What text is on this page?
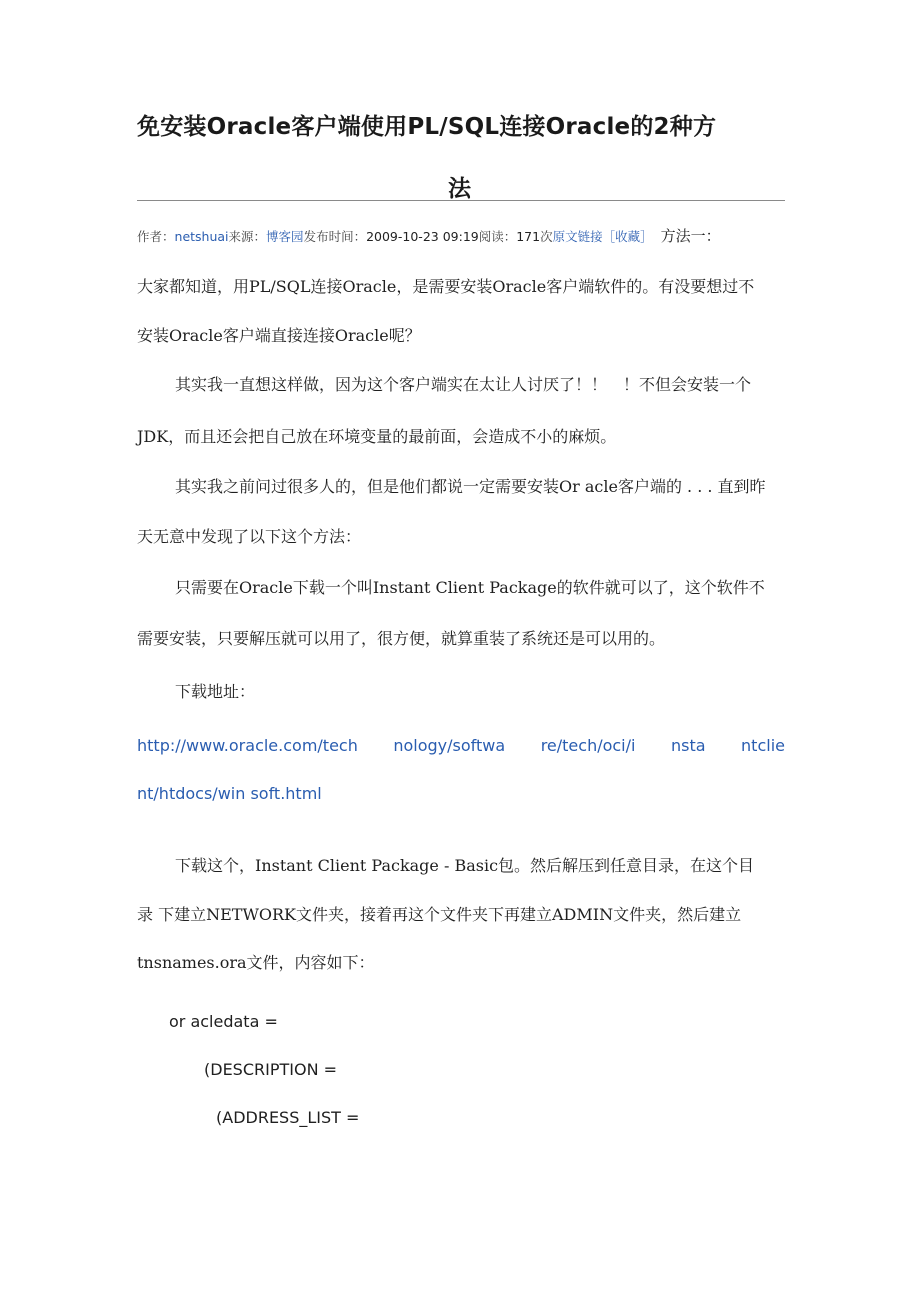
免安装Oracle客户端使用PL/SQL连接Oracle的2种方
法
作者：netshuai来源：博客园发布时间：2009-10-23 09:19阅读：171次原文链接［收藏］ 方法一：
大家都知道，用PL/SQL连接Oracle，是需要安装Oracle客户端软件的。有没要想过不
安装Oracle客户端直接连接Oracle呢？
其实我一直想这样做，因为这个客户端实在太让人讨厌了！！　！不但会安装一个
JDK，而且还会把自己放在环境变量的最前面，会造成不小的麻烦。
其实我之前问过很多人的，但是他们都说一定需要安装Or acle客户端的 . . . 直到昨
天无意中发现了以下这个方法：
只需要在Oracle下载一个叫Instant Client Package的软件就可以了，这个软件不
需要安装，只要解压就可以用了，很方便，就算重装了系统还是可以用的。
下载地址：
http://www.oracle.com/tech nology/softwa re/tech/oci/i nsta ntclie
nt/htdocs/win soft.html
下载这个，Instant Client Package - Basic包。然后解压到任意目录，在这个目
录 下建立NETWORK文件夹，接着再这个文件夹下再建立ADMIN文件夹，然后建立
tnsnames.ora文件，内容如下：
or acledata =
(DESCRIPTION =
(ADDRESS_LIST =
